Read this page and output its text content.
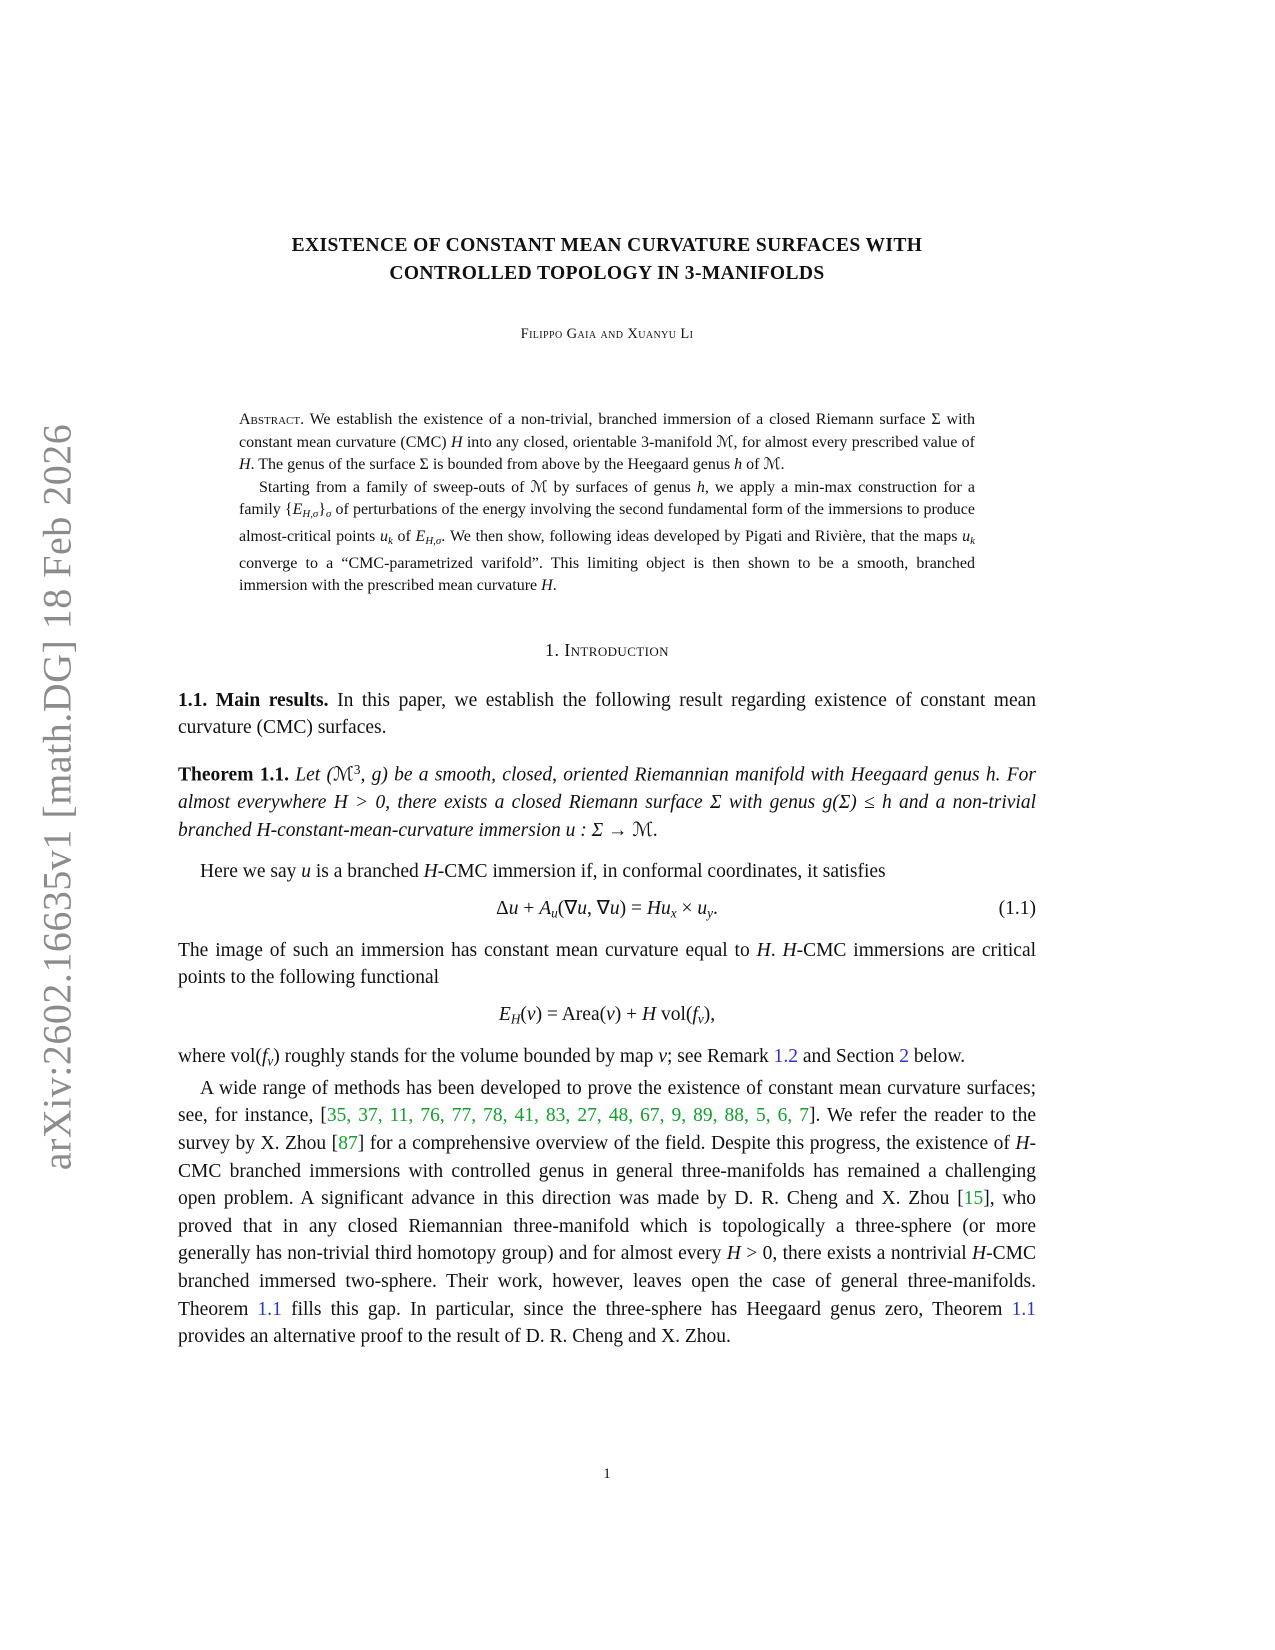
arXiv:2602.16635v1 [math.DG] 18 Feb 2026
EXISTENCE OF CONSTANT MEAN CURVATURE SURFACES WITH
CONTROLLED TOPOLOGY IN 3-MANIFOLDS
Filippo Gaia and Xuanyu Li

Abstract. We establish the existence of a non-trivial, branched immersion of a closed Riemann surface Σ with constant mean curvature (CMC) H into any closed, orientable 3-manifold ℳ, for almost every prescribed value of H. The genus of the surface Σ is bounded from above by the Heegaard genus h of ℳ.

Starting from a family of sweep-outs of ℳ by surfaces of genus h, we apply a min-max construction for a family {EH,σ}σ of perturbations of the energy involving the second fundamental form of the immersions to produce almost-critical points uk of EH,σ. We then show, following ideas developed by Pigati and Rivière, that the maps uk converge to a “CMC-parametrized varifold”. This limiting object is then shown to be a smooth, branched immersion with the prescribed mean curvature H.

1. Introduction

1.1. Main results. In this paper, we establish the following result regarding existence of constant mean curvature (CMC) surfaces.

Theorem 1.1. Let (ℳ$^3$, g) be a smooth, closed, oriented Riemannian manifold with Heegaard genus h. For almost everywhere H > 0, there exists a closed Riemann surface Σ with genus g(Σ) ≤ h and a non-trivial branched H-constant-mean-curvature immersion u : Σ → ℳ.

Here we say u is a branched H-CMC immersion if, in conformal coordinates, it satisfies

Δu + Au(∇u, ∇u) = Hux × uy.	(1.1)

The image of such an immersion has constant mean curvature equal to H. H-CMC immersions are critical points to the following functional

EH(v) = Area(v) + H vol(fv),

where vol(fv) roughly stands for the volume bounded by map v; see Remark 1.2 and Section 2 below.

A wide range of methods has been developed to prove the existence of constant mean curvature surfaces; see, for instance, [35, 37, 11, 76, 77, 78, 41, 83, 27, 48, 67, 9, 89, 88, 5, 6, 7]. We refer the reader to the survey by X. Zhou [87] for a comprehensive overview of the field. Despite this progress, the existence of H-CMC branched immersions with controlled genus in general three-manifolds has remained a challenging open problem. A significant advance in this direction was made by D. R. Cheng and X. Zhou [15], who proved that in any closed Riemannian three-manifold which is topologically a three-sphere (or more generally has non-trivial third homotopy group) and for almost every H > 0, there exists a nontrivial H-CMC branched immersed two-sphere. Their work, however, leaves open the case of general three-manifolds. Theorem 1.1 fills this gap. In particular, since the three-sphere has Heegaard genus zero, Theorem 1.1 provides an alternative proof to the result of D. R. Cheng and X. Zhou.

1
